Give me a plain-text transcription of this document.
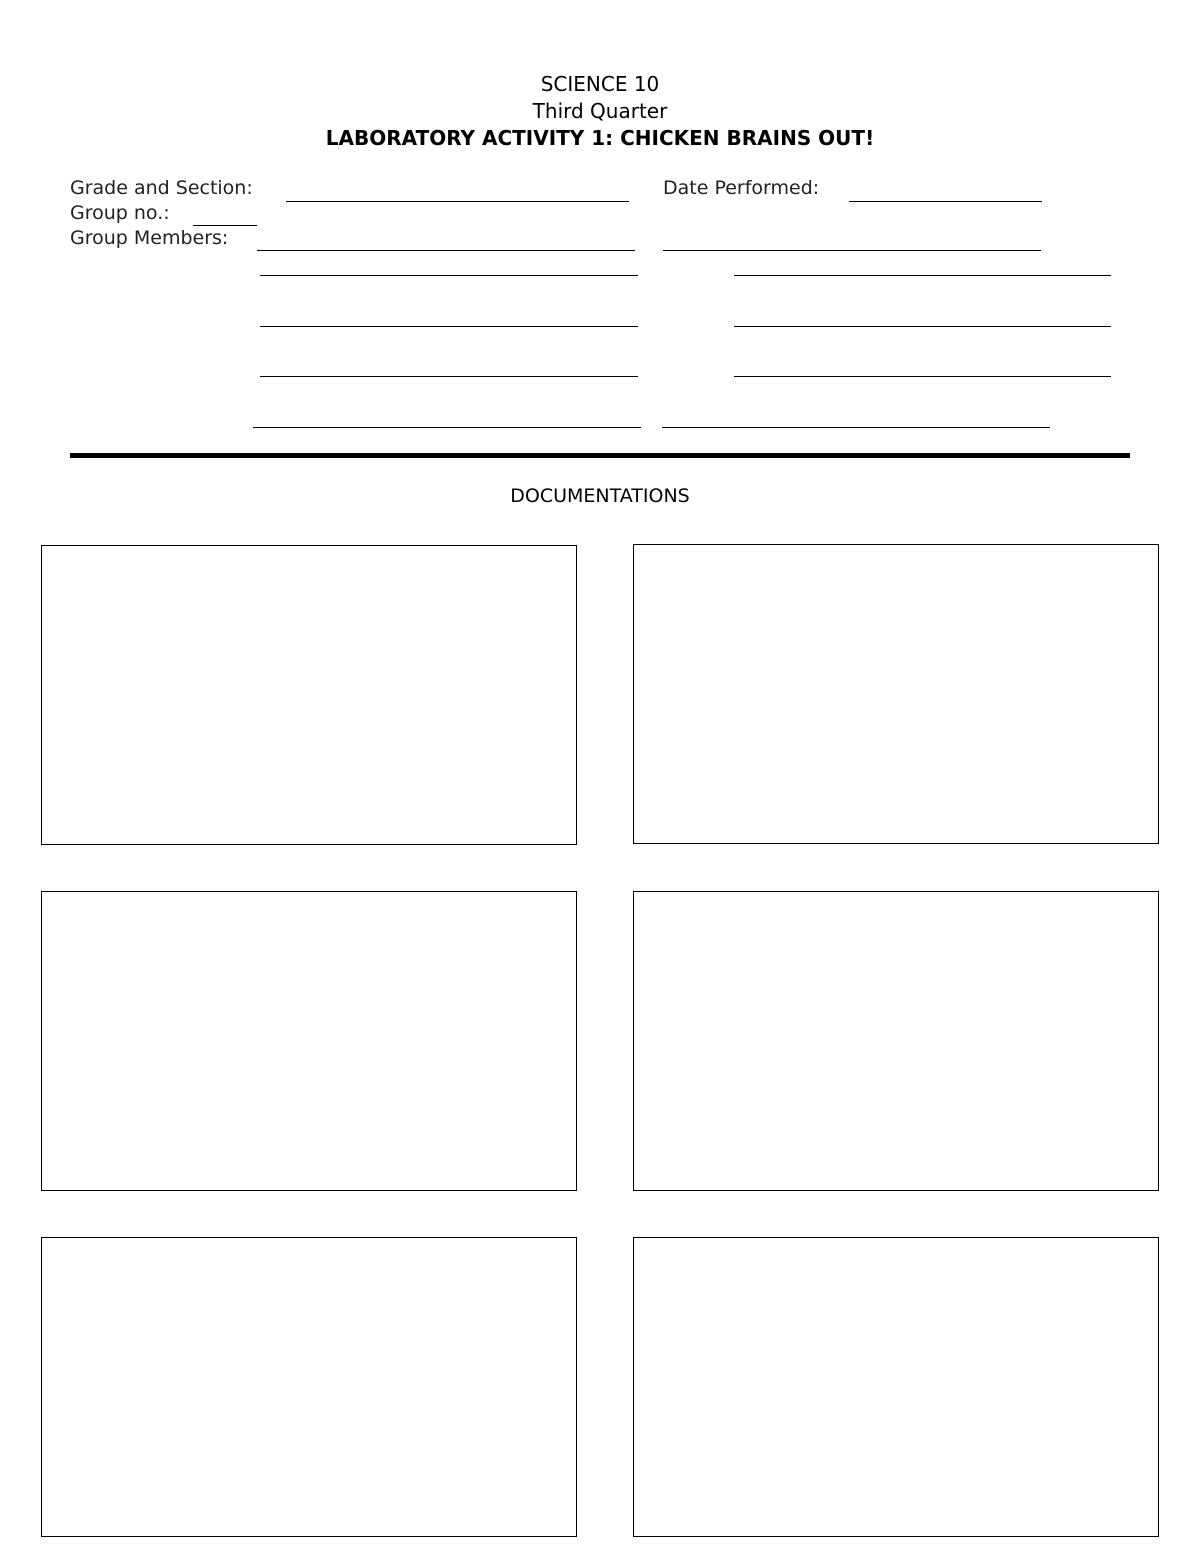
SCIENCE 10
Third Quarter
LABORATORY ACTIVITY 1: CHICKEN BRAINS OUT!
Grade and Section:	Date Performed:
Group no.:
Group Members:
DOCUMENTATIONS
